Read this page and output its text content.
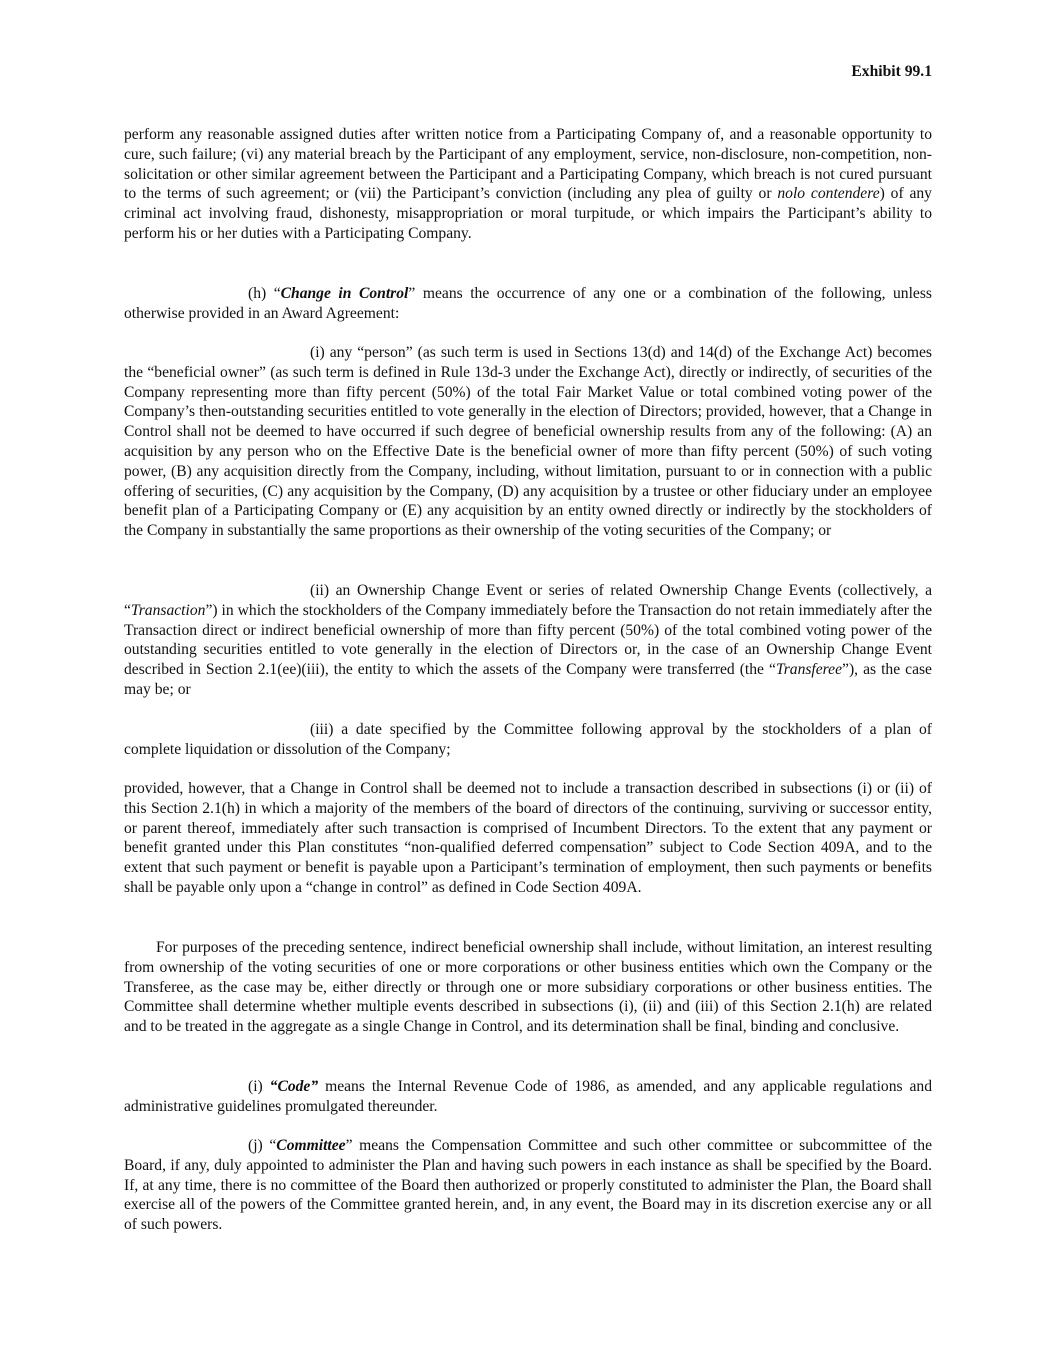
Exhibit 99.1

perform any reasonable assigned duties after written notice from a Participating Company of, and a reasonable opportunity to cure, such failure; (vi) any material breach by the Participant of any employment, service, non-disclosure, non-competition, non-solicitation or other similar agreement between the Participant and a Participating Company, which breach is not cured pursuant to the terms of such agreement; or (vii) the Participant’s conviction (including any plea of guilty or nolo contendere) of any criminal act involving fraud, dishonesty, misappropriation or moral turpitude, or which impairs the Participant’s ability to perform his or her duties with a Participating Company.

(h) “Change in Control” means the occurrence of any one or a combination of the following, unless otherwise provided in an Award Agreement:

(i) any “person” (as such term is used in Sections 13(d) and 14(d) of the Exchange Act) becomes the “beneficial owner” (as such term is defined in Rule 13d-3 under the Exchange Act), directly or indirectly, of securities of the Company representing more than fifty percent (50%) of the total Fair Market Value or total combined voting power of the Company’s then-outstanding securities entitled to vote generally in the election of Directors; provided, however, that a Change in Control shall not be deemed to have occurred if such degree of beneficial ownership results from any of the following: (A) an acquisition by any person who on the Effective Date is the beneficial owner of more than fifty percent (50%) of such voting power, (B) any acquisition directly from the Company, including, without limitation, pursuant to or in connection with a public offering of securities, (C) any acquisition by the Company, (D) any acquisition by a trustee or other fiduciary under an employee benefit plan of a Participating Company or (E) any acquisition by an entity owned directly or indirectly by the stockholders of the Company in substantially the same proportions as their ownership of the voting securities of the Company; or

(ii) an Ownership Change Event or series of related Ownership Change Events (collectively, a “Transaction”) in which the stockholders of the Company immediately before the Transaction do not retain immediately after the Transaction direct or indirect beneficial ownership of more than fifty percent (50%) of the total combined voting power of the outstanding securities entitled to vote generally in the election of Directors or, in the case of an Ownership Change Event described in Section 2.1(ee)(iii), the entity to which the assets of the Company were transferred (the “Transferee”), as the case may be; or

(iii) a date specified by the Committee following approval by the stockholders of a plan of complete liquidation or dissolution of the Company;

provided, however, that a Change in Control shall be deemed not to include a transaction described in subsections (i) or (ii) of this Section 2.1(h) in which a majority of the members of the board of directors of the continuing, surviving or successor entity, or parent thereof, immediately after such transaction is comprised of Incumbent Directors. To the extent that any payment or benefit granted under this Plan constitutes “non-qualified deferred compensation” subject to Code Section 409A, and to the extent that such payment or benefit is payable upon a Participant’s termination of employment, then such payments or benefits shall be payable only upon a “change in control” as defined in Code Section 409A.

For purposes of the preceding sentence, indirect beneficial ownership shall include, without limitation, an interest resulting from ownership of the voting securities of one or more corporations or other business entities which own the Company or the Transferee, as the case may be, either directly or through one or more subsidiary corporations or other business entities. The Committee shall determine whether multiple events described in subsections (i), (ii) and (iii) of this Section 2.1(h) are related and to be treated in the aggregate as a single Change in Control, and its determination shall be final, binding and conclusive.

(i) “Code” means the Internal Revenue Code of 1986, as amended, and any applicable regulations and administrative guidelines promulgated thereunder.

(j) “Committee” means the Compensation Committee and such other committee or subcommittee of the Board, if any, duly appointed to administer the Plan and having such powers in each instance as shall be specified by the Board. If, at any time, there is no committee of the Board then authorized or properly constituted to administer the Plan, the Board shall exercise all of the powers of the Committee granted herein, and, in any event, the Board may in its discretion exercise any or all of such powers.
